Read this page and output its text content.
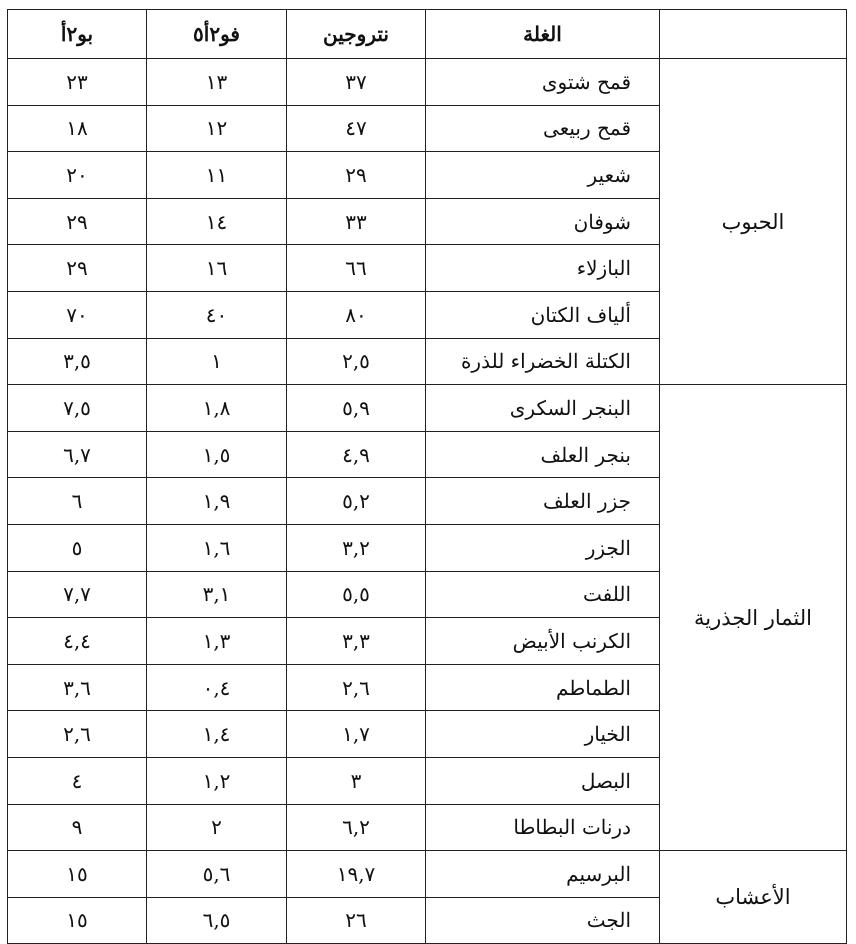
	الغلة	نتروجين	فو٢أ٥	بو٢أ
الحبوب	قمح شتوى	٣٧	١٣	٢٣
	قمح ربيعى	٤٧	١٢	١٨
	شعير	٢٩	١١	٢٠
	شوفان	٣٣	١٤	٢٩
	البازلاء	٦٦	١٦	٢٩
	ألياف الكتان	٨٠	٤٠	٧٠
	الكتلة الخضراء للذرة	٢,٥	١	٣,٥
الثمار الجذرية	البنجر السكرى	٥,٩	١,٨	٧,٥
	بنجر العلف	٤,٩	١,٥	٦,٧
	جزر العلف	٥,٢	١,٩	٦
	الجزر	٣,٢	١,٦	٥
	اللفت	٥,٥	٣,١	٧,٧
	الكرنب الأبيض	٣,٣	١,٣	٤,٤
	الطماطم	٢,٦	٠,٤	٣,٦
	الخيار	١,٧	١,٤	٢,٦
	البصل	٣	١,٢	٤
	درنات البطاطا	٦,٢	٢	٩
الأعشاب	البرسيم	١٩,٧	٥,٦	١٥
	الجث	٢٦	٦,٥	١٥
